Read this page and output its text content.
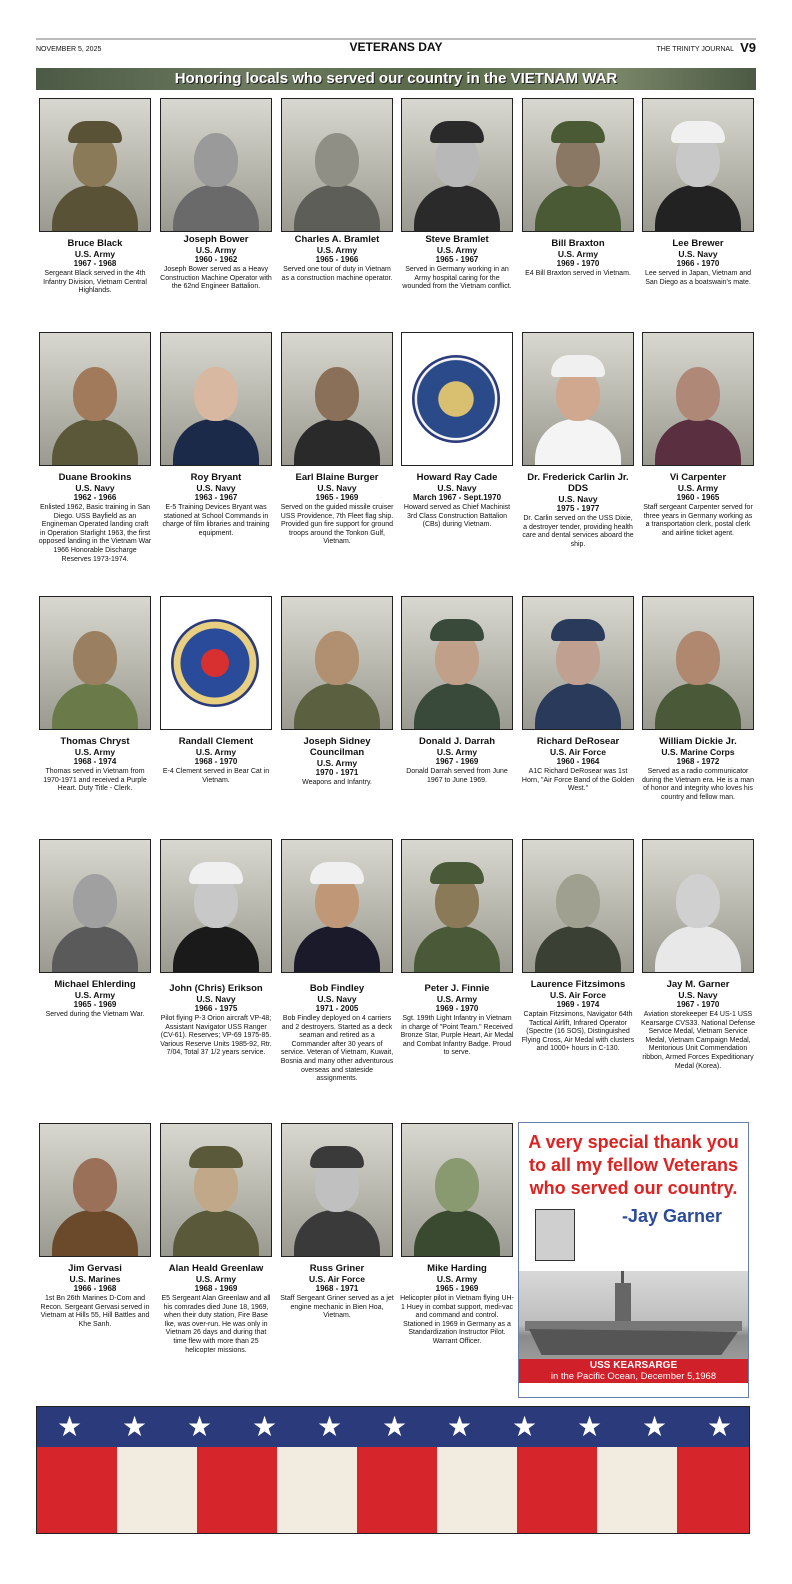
NOVEMBER 5, 2025	VETERANS DAY	THE TRINITY JOURNAL V9
Honoring locals who served our country in the VIETNAM WAR
Bruce Black
U.S. Army
1967 - 1968
Sergeant Black served in the 4th Infantry Division, Vietnam Central Highlands.
Joseph Bower
U.S. Army
1960 - 1962
Joseph Bower served as a Heavy Construction Machine Operator with the 62nd Engineer Battalion.
Charles A. Bramlet
U.S. Army
1965 - 1966
Served one tour of duty in Vietnam as a construction machine operator.
Steve Bramlet
U.S. Army
1965 - 1967
Served in Germany working in an Army hospital caring for the wounded from the Vietnam conflict.
Bill Braxton
U.S. Army
1969 - 1970
E4 Bill Braxton served in Vietnam.
Lee Brewer
U.S. Navy
1966 - 1970
Lee served in Japan, Vietnam and San Diego as a boatswain's mate.
Duane Brookins
U.S. Navy
1962 - 1966
Enlisted 1962, Basic training in San Diego. USS Bayfield as an Engineman Operated landing craft in Operation Starlight 1963, the first opposed landing in the Vietnam War 1966 Honorable Discharge Reserves 1973-1974.
Roy Bryant
U.S. Navy
1963 - 1967
E-5 Training Devices Bryant was stationed at School Commands in charge of film libraries and training equipment.
Earl Blaine Burger
U.S. Navy
1965 - 1969
Served on the guided missile cruiser USS Providence, 7th Fleet flag ship. Provided gun fire support for ground troops around the Tonkon Gulf, Vietnam.
Howard Ray Cade
U.S. Navy
March 1967 - Sept.1970
Howard served as Chief Machinist 3rd Class Construction Battalion (CBs) during Vietnam.
Dr. Frederick Carlin Jr. DDS
U.S. Navy
1975 - 1977
Dr. Carlin served on the USS Dixie, a destroyer tender, providing health care and dental services aboard the ship.
Vi Carpenter
U.S. Army
1960 - 1965
Staff sergeant Carpenter served for three years in Germany working as a transportation clerk, postal clerk and airline ticket agent.
Thomas Chryst
U.S. Army
1968 - 1974
Thomas served in Vietnam from 1970-1971 and received a Purple Heart. Duty Title - Clerk.
Randall Clement
U.S. Army
1968 - 1970
E-4 Clement served in Bear Cat in Vietnam.
Joseph Sidney Councilman
U.S. Army
1970 - 1971
Weapons and Infantry.
Donald J. Darrah
U.S. Army
1967 - 1969
Donald Darrah served from June 1967 to June 1969.
Richard DeRosear
U.S. Air Force
1960 - 1964
A1C Richard DeRosear was 1st Horn, "Air Force Band of the Golden West."
William Dickie Jr.
U.S. Marine Corps
1968 - 1972
Served as a radio communicator during the Vietnam era. He is a man of honor and integrity who loves his country and fellow man.
Michael Ehlerding
U.S. Army
1965 - 1969
Served during the Vietnam War.
John (Chris) Erikson
U.S. Navy
1966 - 1975
Pilot flying P-3 Orion aircraft VP-48; Assistant Navigator USS Ranger (CV-61). Reserves; VP-69 1975-85. Various Reserve Units 1985-92, Rtr. 7/04, Total 37 1/2 years service.
Bob Findley
U.S. Navy
1971 - 2005
Bob Findley deployed on 4 carriers and 2 destroyers. Started as a deck seaman and retired as a Commander after 30 years of service. Veteran of Vietnam, Kuwait, Bosnia and many other adventurous overseas and stateside assignments.
Peter J. Finnie
U.S. Army
1969 - 1970
Sgt. 199th Light Infantry in Vietnam in charge of "Point Team." Received Bronze Star, Purple Heart, Air Medal and Combat Infantry Badge. Proud to serve.
Laurence Fitzsimons
U.S. Air Force
1969 - 1974
Captain Fitzsimons, Navigator 64th Tactical Airlift, Infrared Operator (Spectre (16 SOS), Distinguished Flying Cross, Air Medal with clusters and 1000+ hours in C-130.
Jay M. Garner
U.S. Navy
1967 - 1970
Aviation storekeeper E4 US-1 USS Kearsarge CVS33. National Defense Service Medal, Vietnam Service Medal, Vietnam Campaign Medal, Meritorious Unit Commendation ribbon, Armed Forces Expeditionary Medal (Korea).
Jim Gervasi
U.S. Marines
1966 - 1968
1st Bn 26th Marines D-Com and Recon. Sergeant Gervasi served in Vietnam at Hills 55, Hill Battles and Khe Sanh.
Alan Heald Greenlaw
U.S. Army
1968 - 1969
E5 Sergeant Alan Greenlaw and all his comrades died June 18, 1969, when their duty station, Fire Base Ike, was over-run. He was only in Vietnam 26 days and during that time flew with more than 25 helicopter missions.
Russ Griner
U.S. Air Force
1968 - 1971
Staff Sergeant Griner served as a jet engine mechanic in Bien Hoa, Vietnam.
Mike Harding
U.S. Army
1965 - 1969
Helicopter pilot in Vietnam flying UH-1 Huey in combat support, medi-vac and command and control. Stationed in 1969 in Germany as a Standardization Instructor Pilot. Warrant Officer.
A very special thank you to all my fellow Veterans who served our country.
-Jay Garner
USS KEARSARGE
in the Pacific Ocean, December 5,1968
★ ★ ★ ★ ★ ★ ★ ★ ★ ★ ★
